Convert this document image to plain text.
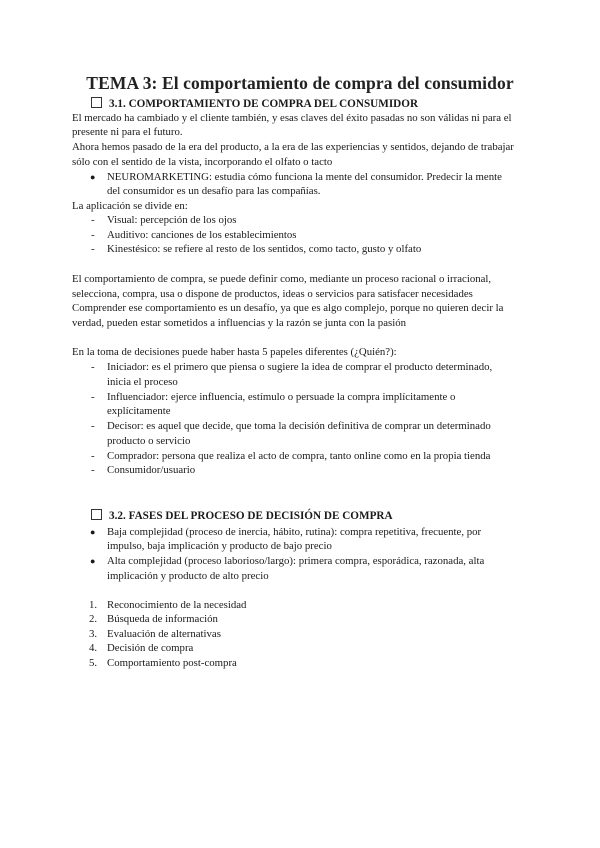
TEMA 3: El comportamiento de compra del consumidor
3.1. COMPORTAMIENTO DE COMPRA DEL CONSUMIDOR
El mercado ha cambiado y el cliente también, y esas claves del éxito pasadas no son válidas ni para el
presente ni para el futuro.
Ahora hemos pasado de la era del producto, a la era de las experiencias y sentidos, dejando de trabajar
sólo con el sentido de la vista, incorporando el olfato o tacto
● NEUROMARKETING: estudia cómo funciona la mente del consumidor. Predecir la mente
del consumidor es un desafío para las compañías.
La aplicación se divide en:
- Visual: percepción de los ojos
- Auditivo: canciones de los establecimientos
- Kinestésico: se refiere al resto de los sentidos, como tacto, gusto y olfato
El comportamiento de compra, se puede definir como, mediante un proceso racional o irracional,
selecciona, compra, usa o dispone de productos, ideas o servicios para satisfacer necesidades
Comprender ese comportamiento es un desafío, ya que es algo complejo, porque no quieren decir la
verdad, pueden estar sometidos a influencias y la razón se junta con la pasión
En la toma de decisiones puede haber hasta 5 papeles diferentes (¿Quién?):
- Iniciador: es el primero que piensa o sugiere la idea de comprar el producto determinado,
inicia el proceso
- Influenciador: ejerce influencia, estímulo o persuade la compra implícitamente o
explícitamente
- Decisor: es aquel que decide, que toma la decisión definitiva de comprar un determinado
producto o servicio
- Comprador: persona que realiza el acto de compra, tanto online como en la propia tienda
- Consumidor/usuario
3.2. FASES DEL PROCESO DE DECISIÓN DE COMPRA
● Baja complejidad (proceso de inercia, hábito, rutina): compra repetitiva, frecuente, por
impulso, baja implicación y producto de bajo precio
● Alta complejidad (proceso laborioso/largo): primera compra, esporádica, razonada, alta
implicación y producto de alto precio
1. Reconocimiento de la necesidad
2. Búsqueda de información
3. Evaluación de alternativas
4. Decisión de compra
5. Comportamiento post-compra
